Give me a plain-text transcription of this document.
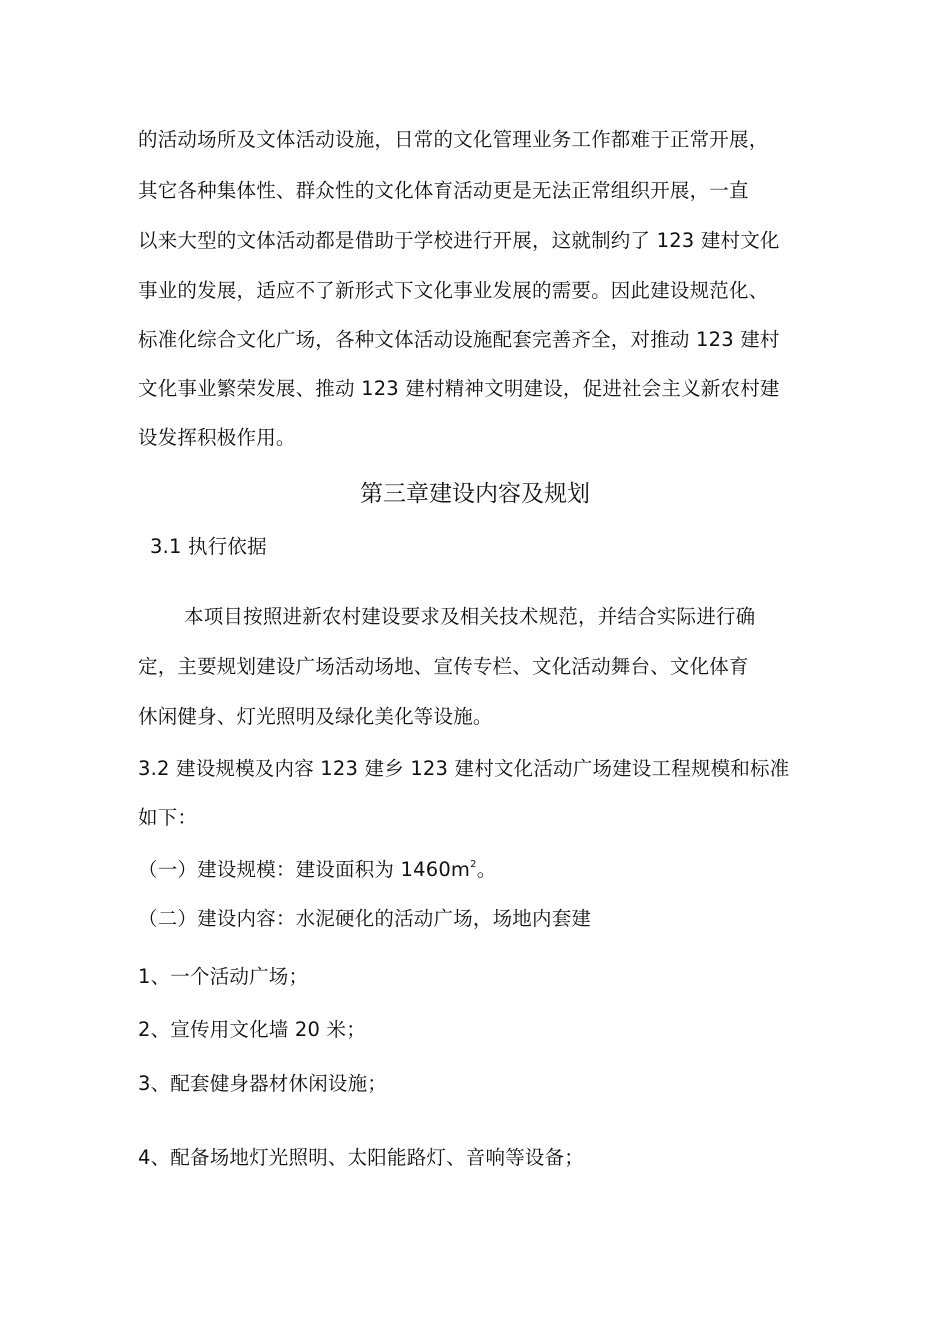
的活动场所及文体活动设施，日常的文化管理业务工作都难于正常开展，
其它各种集体性、群众性的文化体育活动更是无法正常组织开展，一直
以来大型的文体活动都是借助于学校进行开展，这就制约了 123 建村文化
事业的发展，适应不了新形式下文化事业发展的需要。因此建设规范化、
标准化综合文化广场，各种文体活动设施配套完善齐全，对推动 123 建村
文化事业繁荣发展、推动 123 建村精神文明建设，促进社会主义新农村建
设发挥积极作用。
第三章建设内容及规划
3.1 执行依据
本项目按照进新农村建设要求及相关技术规范，并结合实际进行确
定，主要规划建设广场活动场地、宣传专栏、文化活动舞台、文化体育
休闲健身、灯光照明及绿化美化等设施。
3.2 建设规模及内容 123 建乡 123 建村文化活动广场建设工程规模和标准
如下：
（一）建设规模：建设面积为 $1460m^2$。
（二）建设内容：水泥硬化的活动广场，场地内套建
1、一个活动广场；
2、宣传用文化墙 20 米；
3、配套健身器材休闲设施；
4、配备场地灯光照明、太阳能路灯、音响等设备；
